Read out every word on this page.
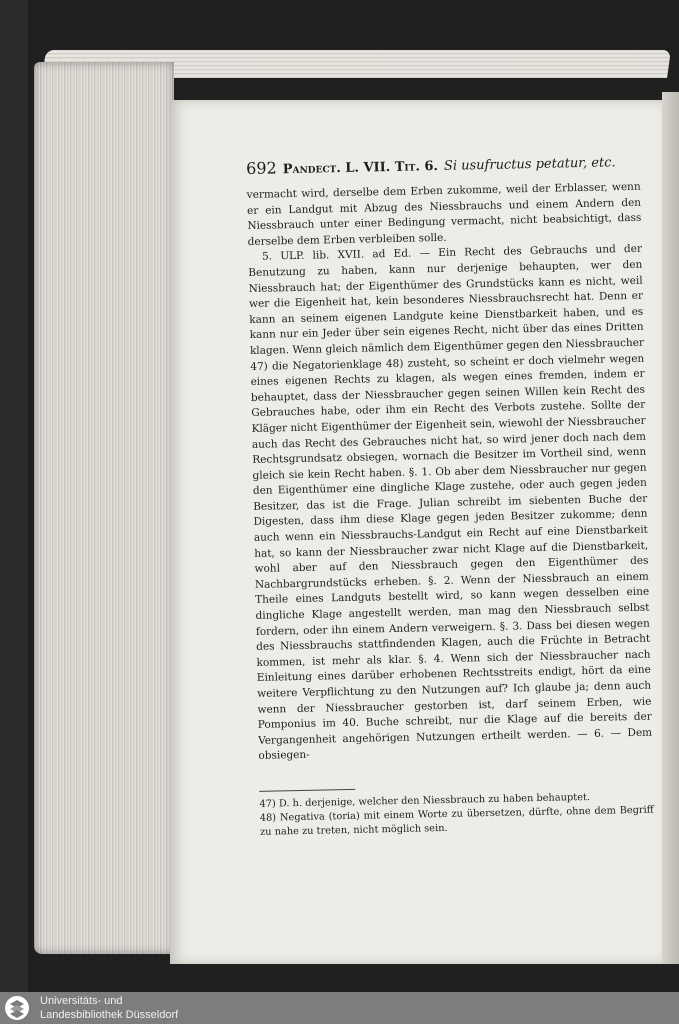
692 Pandect. L. VII. Tit. 6. Si usufructus petatur, etc.

vermacht wird, derselbe dem Erben zukomme, weil der Erblasser, wenn er ein Landgut mit Abzug des Niessbrauchs und einem Andern den Niessbrauch unter einer Bedingung vermacht, nicht beabsichtigt, dass derselbe dem Erben verbleiben solle.

5. ULP. lib. XVII. ad Ed. — Ein Recht des Gebrauchs und der Benutzung zu haben, kann nur derjenige behaupten, wer den Niessbrauch hat; der Eigenthümer des Grundstücks kann es nicht, weil wer die Eigenheit hat, kein besonderes Niessbrauchsrecht hat. Denn er kann an seinem eigenen Landgute keine Dienstbarkeit haben, und es kann nur ein Jeder über sein eigenes Recht, nicht über das eines Dritten klagen. Wenn gleich nämlich dem Eigenthümer gegen den Niessbraucher 47) die Negatorienklage 48) zusteht, so scheint er doch vielmehr wegen eines eigenen Rechts zu klagen, als wegen eines fremden, indem er behauptet, dass der Niessbraucher gegen seinen Willen kein Recht des Gebrauches habe, oder ihm ein Recht des Verbots zustehe. Sollte der Kläger nicht Eigenthümer der Eigenheit sein, wiewohl der Niessbraucher auch das Recht des Gebrauches nicht hat, so wird jener doch nach dem Rechtsgrundsatz obsiegen, wornach die Besitzer im Vortheil sind, wenn gleich sie kein Recht haben. §. 1. Ob aber dem Niessbraucher nur gegen den Eigenthümer eine dingliche Klage zustehe, oder auch gegen jeden Besitzer, das ist die Frage. Julian schreibt im siebenten Buche der Digesten, dass ihm diese Klage gegen jeden Besitzer zukomme; denn auch wenn ein Niessbrauchs-Landgut ein Recht auf eine Dienstbarkeit hat, so kann der Niessbraucher zwar nicht Klage auf die Dienstbarkeit, wohl aber auf den Niessbrauch gegen den Eigenthümer des Nachbargrundstücks erheben. §. 2. Wenn der Niessbrauch an einem Theile eines Landguts bestellt wird, so kann wegen desselben eine dingliche Klage angestellt werden, man mag den Niessbrauch selbst fordern, oder ihn einem Andern verweigern. §. 3. Dass bei diesen wegen des Niessbrauchs stattfindenden Klagen, auch die Früchte in Betracht kommen, ist mehr als klar. §. 4. Wenn sich der Niessbraucher nach Einleitung eines darüber erhobenen Rechtsstreits endigt, hört da eine weitere Verpflichtung zu den Nutzungen auf? Ich glaube ja; denn auch wenn der Niessbraucher gestorben ist, darf seinem Erben, wie Pomponius im 40. Buche schreibt, nur die Klage auf die bereits der Vergangenheit angehörigen Nutzungen ertheilt werden. — 6. — Dem obsiegen-

47) D. h. derjenige, welcher den Niessbrauch zu haben behauptet.

48) Negativa (toria) mit einem Worte zu übersetzen, dürfte, ohne dem Begriff zu nahe zu treten, nicht möglich sein.

Universitäts- und
Landesbibliothek Düsseldorf
